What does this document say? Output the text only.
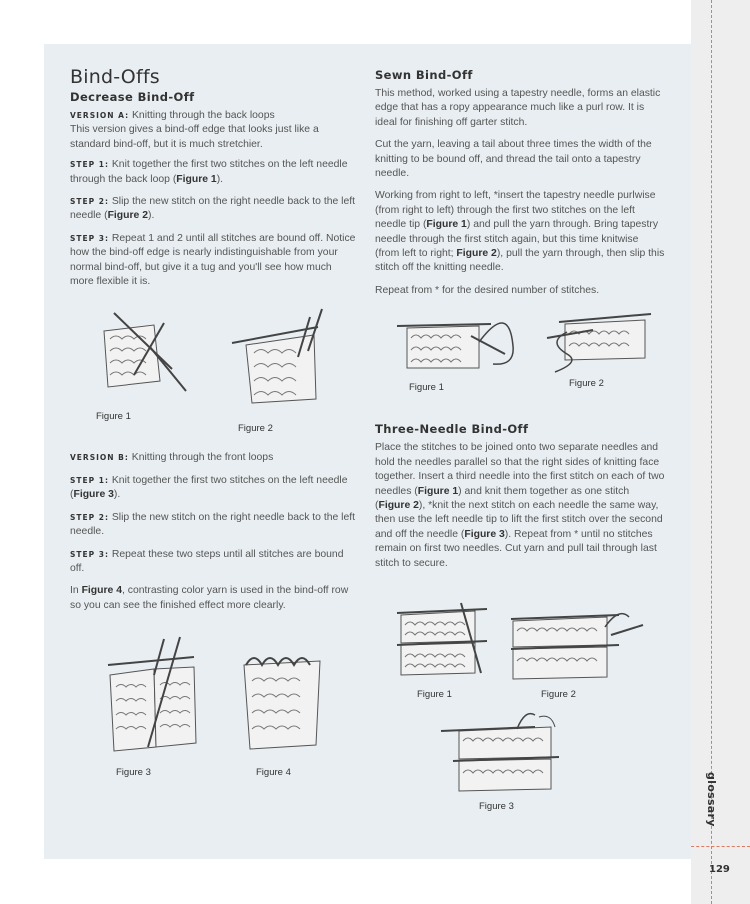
glossary
129
Bind-Offs
Decrease Bind-Off

VERSION A: Knitting through the back loops
This version gives a bind-off edge that looks just like a standard bind-off, but it is much stretchier.

STEP 1: Knit together the first two stitches on the left needle through the back loop (Figure 1).

STEP 2: Slip the new stitch on the right needle back to the left needle (Figure 2).

STEP 3: Repeat 1 and 2 until all stitches are bound off. Notice how the bind-off edge is nearly indistinguishable from your normal bind-off, but give it a tug and you'll see how much more flexible it is.

Figure 1
Figure 2

VERSION B: Knitting through the front loops

STEP 1: Knit together the first two stitches on the left needle (Figure 3).

STEP 2: Slip the new stitch on the right needle back to the left needle.

STEP 3: Repeat these two steps until all stitches are bound off.

In Figure 4, contrasting color yarn is used in the bind-off row so you can see the finished effect more clearly.

Figure 3	Figure 4
Sewn Bind-Off

This method, worked using a tapestry needle, forms an elastic edge that has a ropy appearance much like a purl row. It is ideal for finishing off garter stitch.

Cut the yarn, leaving a tail about three times the width of the knitting to be bound off, and thread the tail onto a tapestry needle.

Working from right to left, *insert the tapestry needle purlwise (from right to left) through the first two stitches on the left needle tip (Figure 1) and pull the yarn through. Bring tapestry needle through the first stitch again, but this time knitwise (from left to right; Figure 2), pull the yarn through, then slip this stitch off the knitting needle.

Repeat from * for the desired number of stitches.

Figure 1	Figure 2
Three-Needle Bind-Off

Place the stitches to be joined onto two separate needles and hold the needles parallel so that the right sides of knitting face together. Insert a third needle into the first stitch on each of two needles (Figure 1) and knit them together as one stitch (Figure 2), *knit the next stitch on each needle the same way, then use the left needle tip to lift the first stitch over the second and off the needle (Figure 3). Repeat from * until no stitches remain on first two needles. Cut yarn and pull tail through last stitch to secure.

Figure 1	Figure 2
Figure 3
